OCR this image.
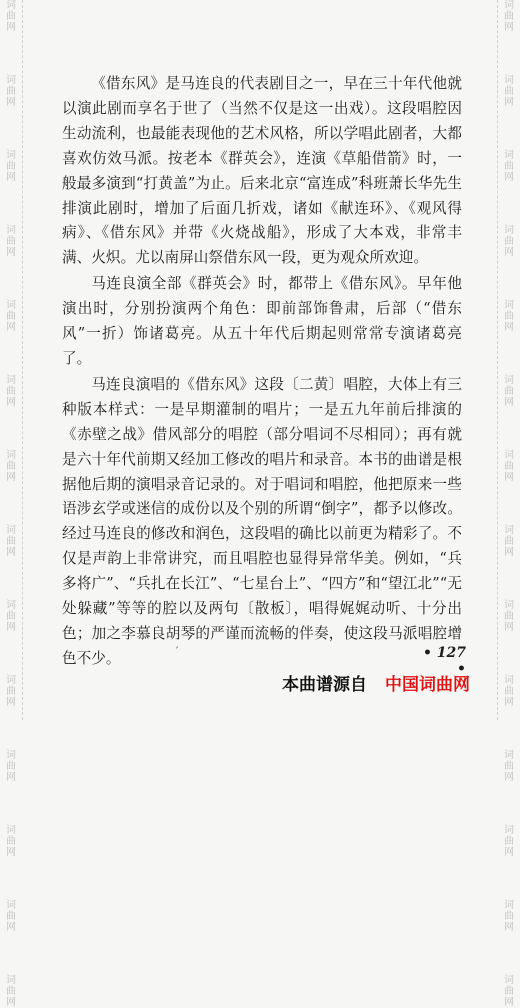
词
曲
网
词
曲
网
词
曲
网
词
曲
网
词
曲
网
词
曲
网
词
曲
网
词
曲
网
词
曲
网
词
曲
网
词
曲
网
词
曲
网
词
曲
网
词
曲
网
词
曲
网
词
曲
网
词
曲
网
词
曲
网
词
曲
网
词
曲
网
词
曲
网
词
曲
网
词
曲
网
词
曲
网
词
曲
网
词
曲
网
词
曲
网
词
曲
网

《借东风》是马连良的代表剧目之一，早在三十年代他就以演此剧而享名于世了（当然不仅是这一出戏）。这段唱腔因生动流利，也最能表现他的艺术风格，所以学唱此剧者，大都喜欢仿效马派。按老本《群英会》，连演《草船借箭》时，一般最多演到“打黄盖”为止。后来北京“富连成”科班萧长华先生排演此剧时，增加了后面几折戏，诸如《献连环》、《观风得病》、《借东风》并带《火烧战船》，形成了大本戏，非常丰满、火炽。尤以南屏山祭借东风一段，更为观众所欢迎。

马连良演全部《群英会》时，都带上《借东风》。早年他演出时，分别扮演两个角色：即前部饰鲁肃，后部（“借东风”一折）饰诸葛亮。从五十年代后期起则常常专演诸葛亮了。

马连良演唱的《借东风》这段〔二黄〕唱腔，大体上有三种版本样式：一是早期灌制的唱片；一是五九年前后排演的《赤壁之战》借风部分的唱腔（部分唱词不尽相同）；再有就是六十年代前期又经加工修改的唱片和录音。本书的曲谱是根据他后期的演唱录音记录的。对于唱词和唱腔，他把原来一些语涉玄学或迷信的成份以及个别的所谓“倒字”，都予以修改。经过马连良的修改和润色，这段唱的确比以前更为精彩了。不仅是声韵上非常讲究，而且唱腔也显得异常华美。例如，“兵多将广”、“兵扎在长江”、“七星台上”、“四方”和“望江北”“无处躲藏”等等的腔以及两句〔散板〕，唱得娓娓动听、十分出色；加之李慕良胡琴的严谨而流畅的伴奏，使这段马派唱腔增色不少。	ˊ	• 127 •
本曲谱源自 中国词曲网
